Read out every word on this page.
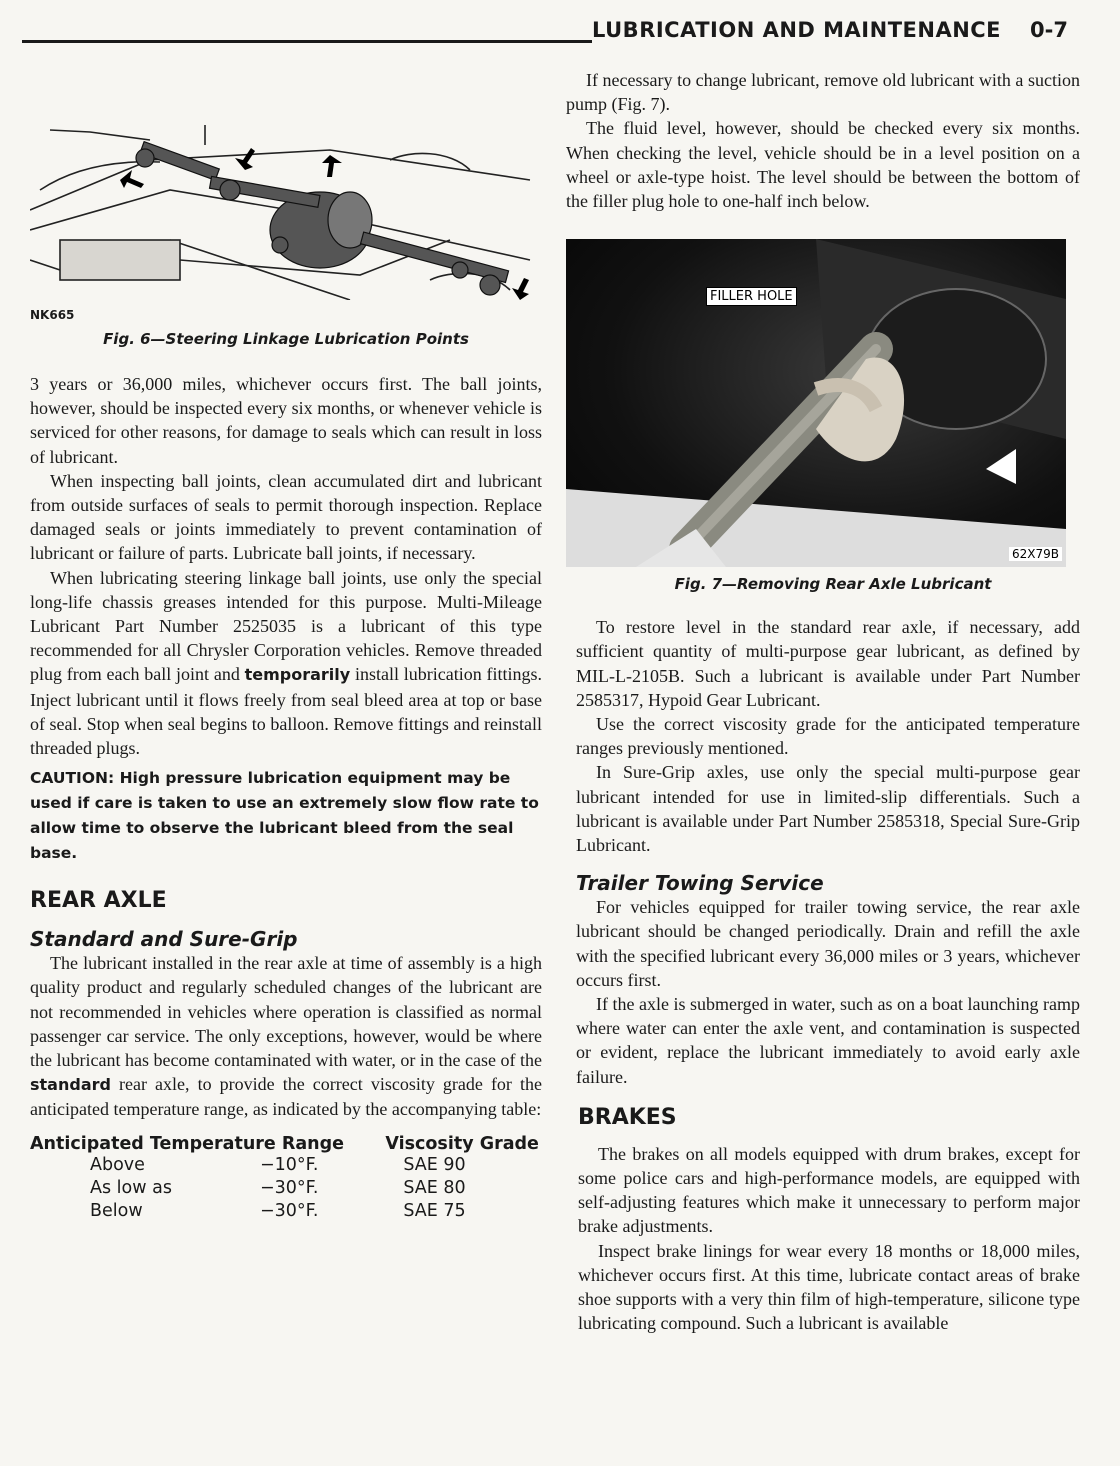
LUBRICATION AND MAINTENANCE 0-7
NK665
Fig. 6—Steering Linkage Lubrication Points

3 years or 36,000 miles, whichever occurs first. The ball joints, however, should be inspected every six months, or whenever vehicle is serviced for other reasons, for damage to seals which can result in loss of lubricant.

When inspecting ball joints, clean accumulated dirt and lubricant from outside surfaces of seals to permit thorough inspection. Replace damaged seals or joints immediately to prevent contamination of lubricant or failure of parts. Lubricate ball joints, if necessary.

When lubricating steering linkage ball joints, use only the special long-life chassis greases intended for this purpose. Multi-Mileage Lubricant Part Number 2525035 is a lubricant of this type recommended for all Chrysler Corporation vehicles. Remove threaded plug from each ball joint and temporarily install lubrication fittings. Inject lubricant until it flows freely from seal bleed area at top or base of seal. Stop when seal begins to balloon. Remove fittings and reinstall threaded plugs.

CAUTION: High pressure lubrication equipment may be used if care is taken to use an extremely slow flow rate to allow time to observe the lubricant bleed from the seal base.

REAR AXLE
Standard and Sure-Grip

The lubricant installed in the rear axle at time of assembly is a high quality product and regularly scheduled changes of the lubricant are not recommended in vehicles where operation is classified as normal passenger car service. The only exceptions, however, would be where the lubricant has become contaminated with water, or in the case of the standard rear axle, to provide the correct viscosity grade for the anticipated temperature range, as indicated by the accompanying table:

Anticipated Temperature Range		Viscosity Grade
Above	−10°F.	SAE 90
As low as	−30°F.	SAE 80
Below	−30°F.	SAE 75

If necessary to change lubricant, remove old lubricant with a suction pump (Fig. 7).

The fluid level, however, should be checked every six months. When checking the level, vehicle should be in a level position on a wheel or axle-type hoist. The level should be between the bottom of the filler plug hole to one-half inch below.

FILLER HOLE
62X79B
Fig. 7—Removing Rear Axle Lubricant

To restore level in the standard rear axle, if necessary, add sufficient quantity of multi-purpose gear lubricant, as defined by MIL-L-2105B. Such a lubricant is available under Part Number 2585317, Hypoid Gear Lubricant.

Use the correct viscosity grade for the anticipated temperature ranges previously mentioned.

In Sure-Grip axles, use only the special multi-purpose gear lubricant intended for use in limited-slip differentials. Such a lubricant is available under Part Number 2585318, Special Sure-Grip Lubricant.

Trailer Towing Service

For vehicles equipped for trailer towing service, the rear axle lubricant should be changed periodically. Drain and refill the axle with the specified lubricant every 36,000 miles or 3 years, whichever occurs first.

If the axle is submerged in water, such as on a boat launching ramp where water can enter the axle vent, and contamination is suspected or evident, replace the lubricant immediately to avoid early axle failure.

BRAKES

The brakes on all models equipped with drum brakes, except for some police cars and high-performance models, are equipped with self-adjusting features which make it unnecessary to perform major brake adjustments.

Inspect brake linings for wear every 18 months or 18,000 miles, whichever occurs first. At this time, lubricate contact areas of brake shoe supports with a very thin film of high-temperature, silicone type lubricating compound. Such a lubricant is available
